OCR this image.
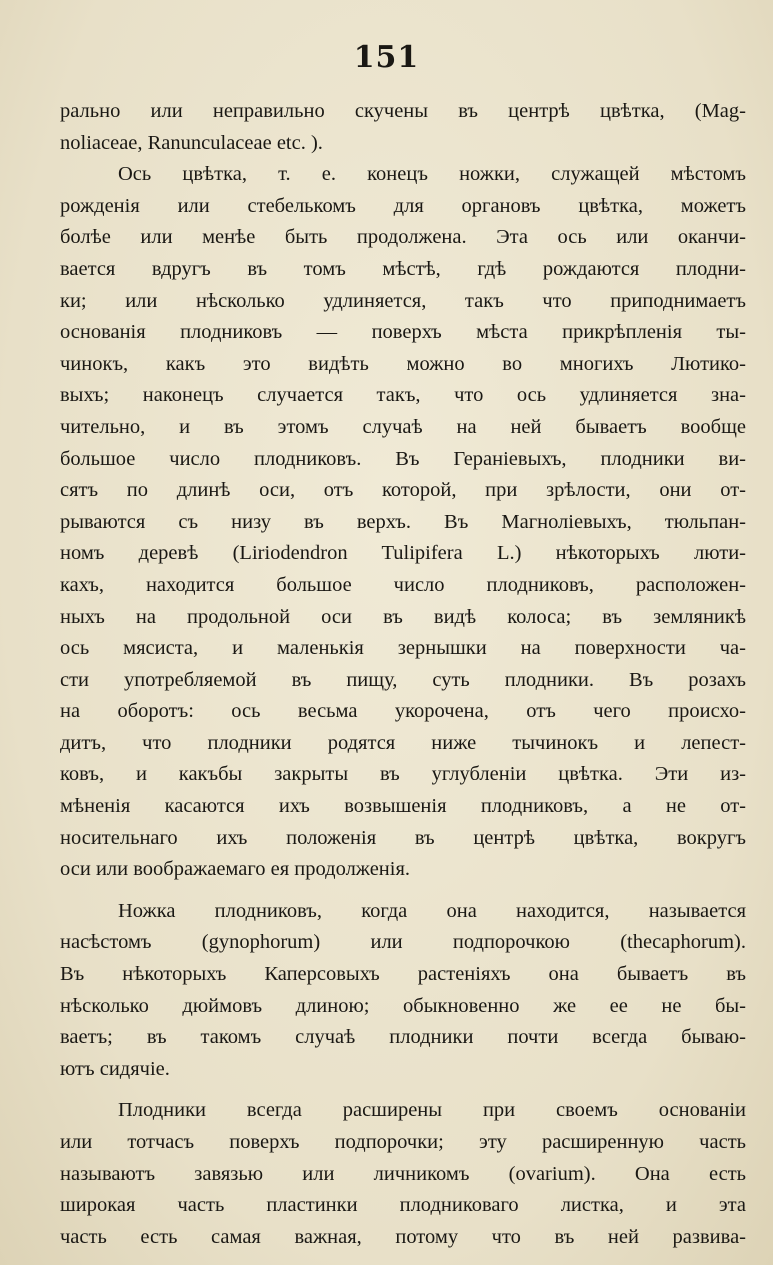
151
рально или неправильно скучены въ центрѣ цвѣтка, (Mag-
noliaceae, Ranunculaceae etc. ).
Ось цвѣтка, т. е. конецъ ножки, служащей мѣстомъ
рожденія или стебелькомъ для органовъ цвѣтка, можетъ
болѣе или менѣе быть продолжена. Эта ось или оканчи-
вается вдругъ въ томъ мѣстѣ, гдѣ рождаются плодни-
ки; или нѣсколько удлиняется, такъ что приподнимаетъ
основанія плодниковъ — поверхъ мѣста прикрѣпленія ты-
чинокъ, какъ это видѣть можно во многихъ Лютико-
выхъ; наконецъ случается такъ, что ось удлиняется зна-
чительно, и въ этомъ случаѣ на ней бываетъ вообще
большое число плодниковъ. Въ Гераніевыхъ, плодники ви-
сятъ по длинѣ оси, отъ которой, при зрѣлости, они от-
рываются съ низу въ верхъ. Въ Магноліевыхъ, тюльпан-
номъ деревѣ (Liriodendron Tulipifera L.) нѣкоторыхъ люти-
кахъ, находится большое число плодниковъ, расположен-
ныхъ на продольной оси въ видѣ колоса; въ земляникѣ
ось мясиста, и маленькія зернышки на поверхности ча-
сти употребляемой въ пищу, суть плодники. Въ розахъ
на оборотъ: ось весьма укорочена, отъ чего происхо-
дитъ, что плодники родятся ниже тычинокъ и лепест-
ковъ, и какъбы закрыты въ углубленіи цвѣтка. Эти из-
мѣненія касаются ихъ возвышенія плодниковъ, а не от-
носительнаго ихъ положенія въ центрѣ цвѣтка, вокругъ
оси или воображаемаго ея продолженія.
Ножка плодниковъ, когда она находится, называется
насѣстомъ (gynophorum) или подпорочкою (thecaphorum).
Въ нѣкоторыхъ Каперсовыхъ растеніяхъ она бываетъ въ
нѣсколько дюймовъ длиною; обыкновенно же ее не бы-
ваетъ; въ такомъ случаѣ плодники почти всегда бываю-
ютъ сидячіе.
Плодники всегда расширены при своемъ основаніи
или тотчасъ поверхъ подпорочки; эту расширенную часть
называютъ завязью или личникомъ (ovarium). Она есть
широкая часть пластинки плодниковаго листка, и эта
часть есть самая важная, потому что въ ней развива-
